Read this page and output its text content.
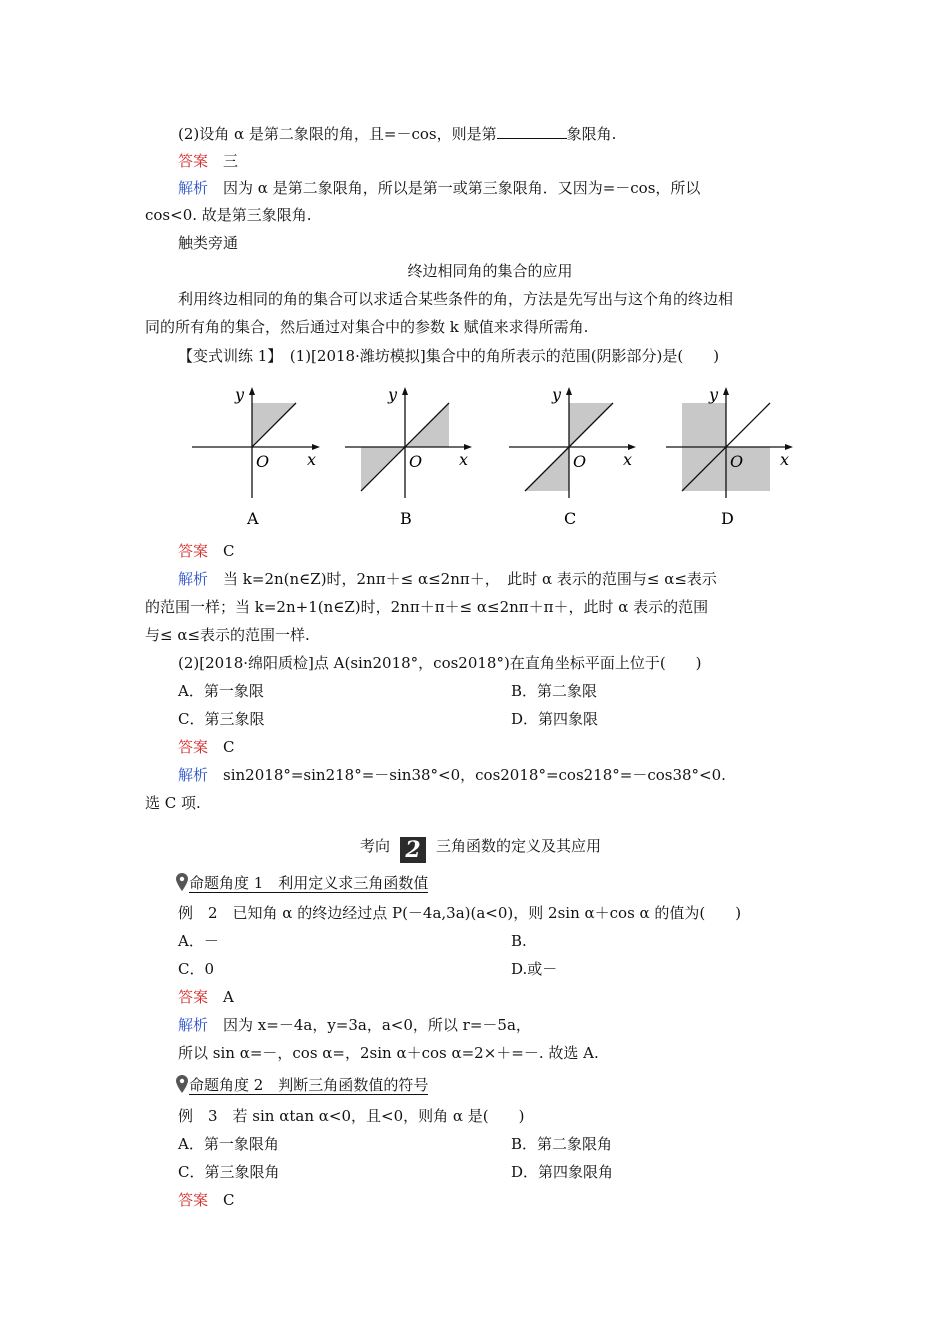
(2)设角 α 是第二象限的角，且=－cos，则是第	象限角.
答案　 三
解析　 因为 α 是第二象限角，所以是第一或第三象限角．又因为=－cos，所以
cos<0. 故是第三象限角.
触类旁通
终边相同角的集合的应用
利用终边相同的角的集合可以求适合某些条件的角，方法是先写出与这个角的终边相
同的所有角的集合，然后通过对集合中的参数 k 赋值来求得所需角.
【变式训练 1】　(1)[2018·潍坊模拟]集合中的角所表示的范围(阴影部分)是(　　)
y
x
O
A
y
x
O
B
y
x
O
C
y
x
O
D
答案　 C
解析　 当 k=2n(n∈Z)时，2nπ＋≤ α≤2nπ＋，　此时 α 表示的范围与≤ α≤表示
的范围一样；当 k=2n+1(n∈Z)时，2nπ＋π＋≤ α≤2nπ＋π＋，此时 α 表示的范围
与≤ α≤表示的范围一样.
(2)[2018·绵阳质检]点 A(sin2018°，cos2018°)在直角坐标平面上位于(　　)
A．第一象限	B．第二象限
C．第三象限	D．第四象限
答案　 C
解析　 sin2018°=sin218°=－sin38°<0，cos2018°=cos218°=－cos38°<0.
选 C 项.
考向 2 三角函数的定义及其应用
命题角度 1　利用定义求三角函数值
例　2　已知角 α 的终边经过点 P(－4a,3a)(a<0)，则 2sin α＋cos α 的值为(　　)
A．－	B.
C．0	D.或－
答案　 A
解析　 因为 x=－4a，y=3a，a<0，所以 r=－5a，
所以 sin α=－，cos α=，2sin α＋cos α=2×＋=－. 故选 A.
命题角度 2　判断三角函数值的符号
例　3　若 sin αtan α<0，且<0，则角 α 是(　　)
A．第一象限角	B．第二象限角
C．第三象限角	D．第四象限角
答案　 C
